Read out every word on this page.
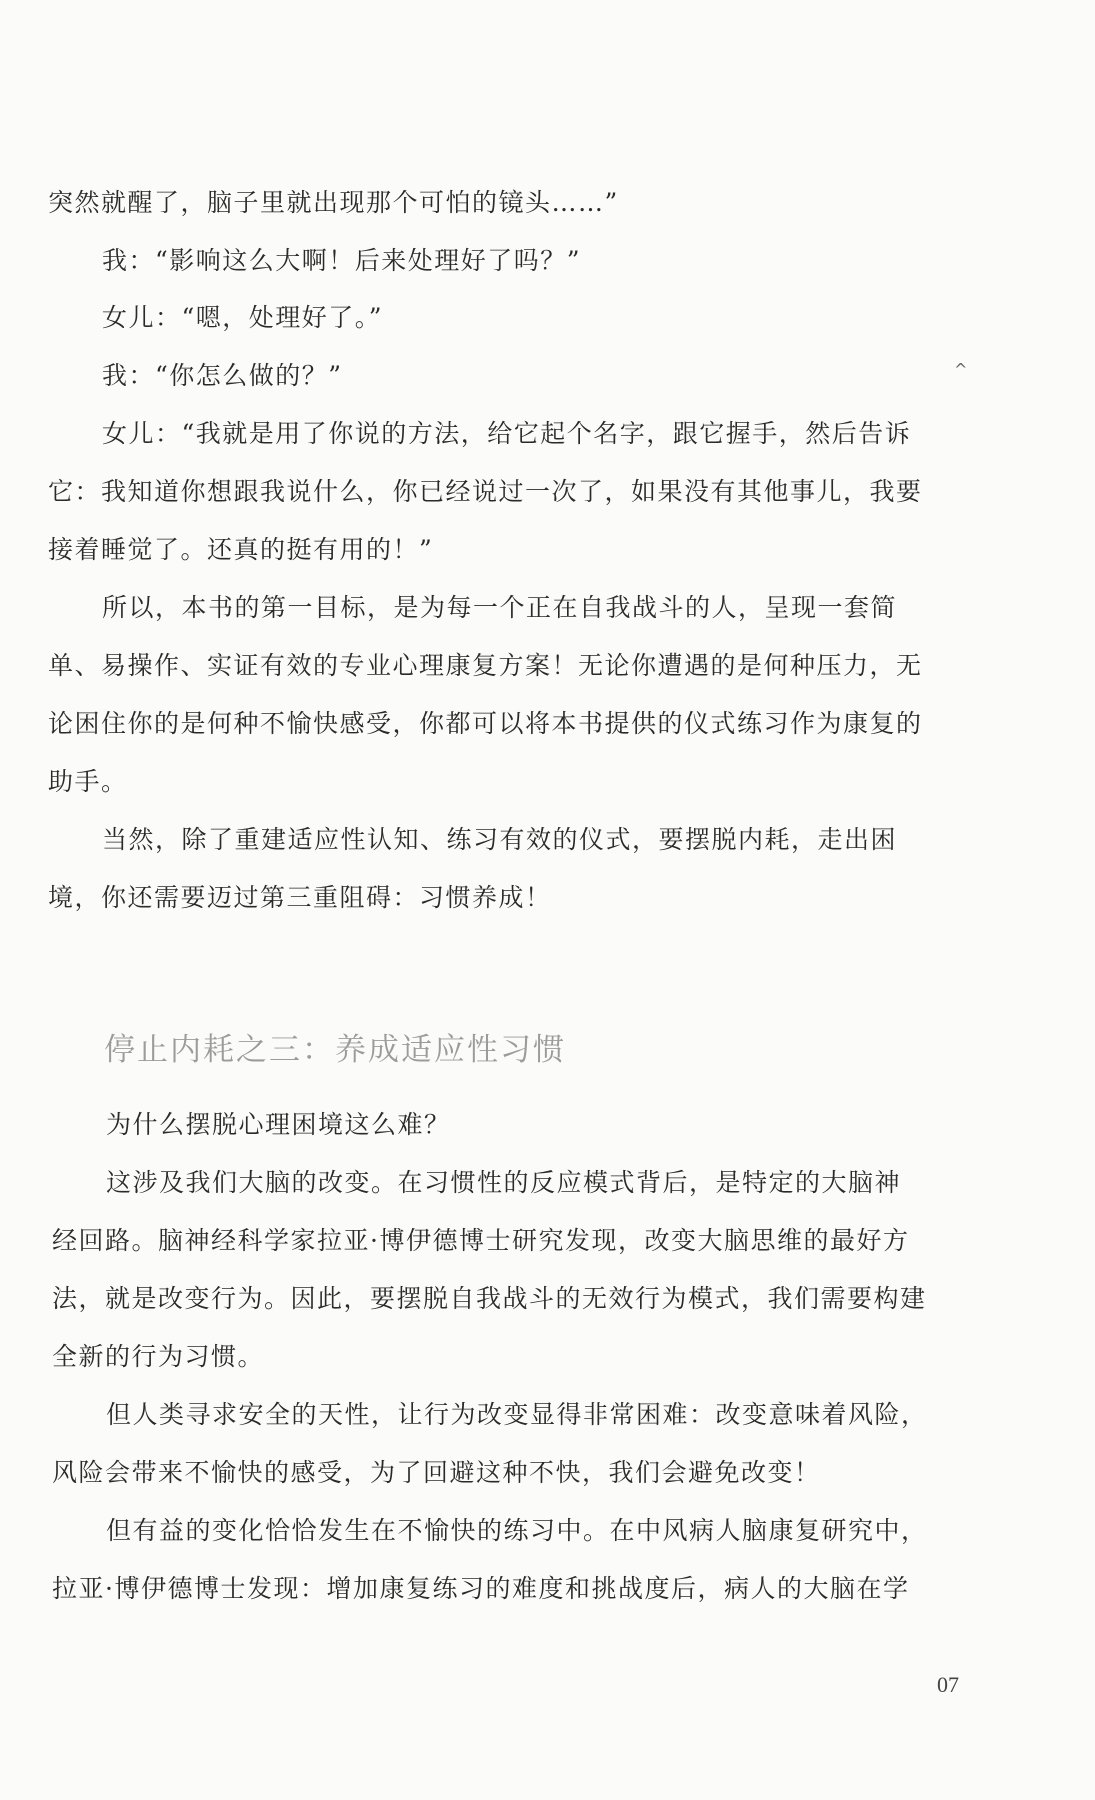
^
突然就醒了，脑子里就出现那个可怕的镜头……”
我：“影响这么大啊！后来处理好了吗？”
女儿：“嗯，处理好了。”
我：“你怎么做的？”
女儿：“我就是用了你说的方法，给它起个名字，跟它握手，然后告诉
它：我知道你想跟我说什么，你已经说过一次了，如果没有其他事儿，我要
接着睡觉了。还真的挺有用的！”
所以，本书的第一目标，是为每一个正在自我战斗的人，呈现一套简
单、易操作、实证有效的专业心理康复方案！无论你遭遇的是何种压力，无
论困住你的是何种不愉快感受，你都可以将本书提供的仪式练习作为康复的
助手。
当然，除了重建适应性认知、练习有效的仪式，要摆脱内耗，走出困
境，你还需要迈过第三重阻碍：习惯养成！
停止内耗之三：养成适应性习惯
为什么摆脱心理困境这么难？
这涉及我们大脑的改变。在习惯性的反应模式背后，是特定的大脑神
经回路。脑神经科学家拉亚·博伊德博士研究发现，改变大脑思维的最好方
法，就是改变行为。因此，要摆脱自我战斗的无效行为模式，我们需要构建
全新的行为习惯。
但人类寻求安全的天性，让行为改变显得非常困难：改变意味着风险，
风险会带来不愉快的感受，为了回避这种不快，我们会避免改变！
但有益的变化恰恰发生在不愉快的练习中。在中风病人脑康复研究中，
拉亚·博伊德博士发现：增加康复练习的难度和挑战度后，病人的大脑在学
07
